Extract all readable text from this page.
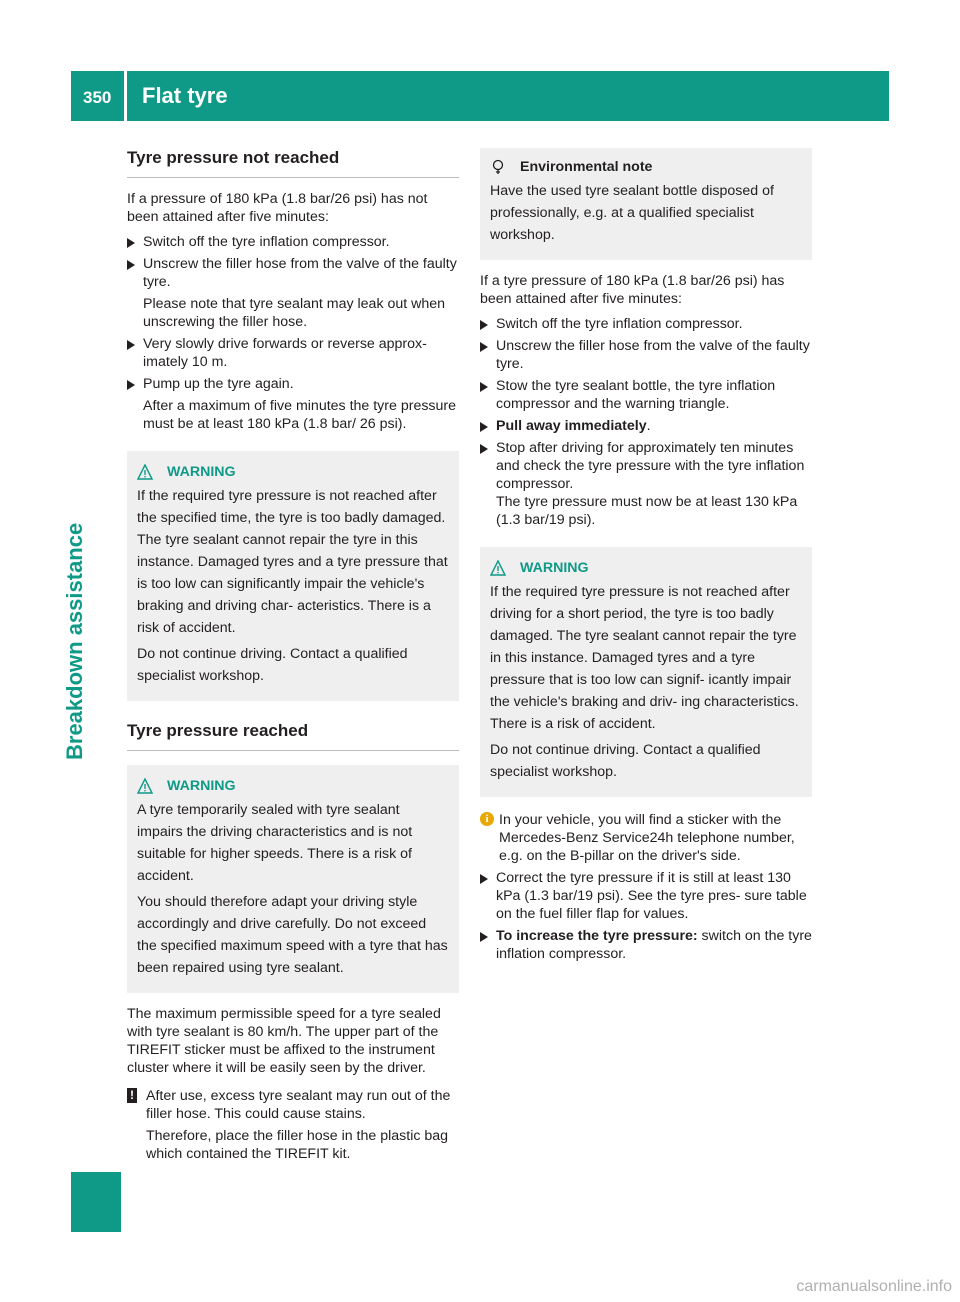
350 Flat tyre
Breakdown assistance
Tyre pressure not reached

If a pressure of 180 kPa (1.8 bar/26 psi) has not been attained after five minutes:

Switch off the tyre inflation compressor.
Unscrew the filler hose from the valve of the faulty tyre.
Please note that tyre sealant may leak out when unscrewing the filler hose.
Very slowly drive forwards or reverse approx- imately 10 m.
Pump up the tyre again.
After a maximum of five minutes the tyre pressure must be at least 180 kPa (1.8 bar/ 26 psi).
WARNING

If the required tyre pressure is not reached after the specified time, the tyre is too badly damaged. The tyre sealant cannot repair the tyre in this instance. Damaged tyres and a tyre pressure that is too low can significantly impair the vehicle's braking and driving char- acteristics. There is a risk of accident.

Do not continue driving. Contact a qualified specialist workshop.

Tyre pressure reached
WARNING

A tyre temporarily sealed with tyre sealant impairs the driving characteristics and is not suitable for higher speeds. There is a risk of accident.

You should therefore adapt your driving style accordingly and drive carefully. Do not exceed the specified maximum speed with a tyre that has been repaired using tyre sealant.

The maximum permissible speed for a tyre sealed with tyre sealant is 80 km/h. The upper part of the TIREFIT sticker must be affixed to the instrument cluster where it will be easily seen by the driver.

! After use, excess tyre sealant may run out of the filler hose. This could cause stains.
Therefore, place the filler hose in the plastic bag which contained the TIREFIT kit.
Environmental note

Have the used tyre sealant bottle disposed of professionally, e.g. at a qualified specialist workshop.

If a tyre pressure of 180 kPa (1.8 bar/26 psi) has been attained after five minutes:

Switch off the tyre inflation compressor.
Unscrew the filler hose from the valve of the faulty tyre.
Stow the tyre sealant bottle, the tyre inflation compressor and the warning triangle.
Pull away immediately.
Stop after driving for approximately ten minutes and check the tyre pressure with the tyre inflation compressor.
The tyre pressure must now be at least 130 kPa (1.3 bar/19 psi).
WARNING

If the required tyre pressure is not reached after driving for a short period, the tyre is too badly damaged. The tyre sealant cannot repair the tyre in this instance. Damaged tyres and a tyre pressure that is too low can signif- icantly impair the vehicle's braking and driv- ing characteristics. There is a risk of accident.

Do not continue driving. Contact a qualified specialist workshop.

i In your vehicle, you will find a sticker with the Mercedes-Benz Service24h telephone number, e.g. on the B-pillar on the driver's side.
Correct the tyre pressure if it is still at least 130 kPa (1.3 bar/19 psi). See the tyre pres- sure table on the fuel filler flap for values.
To increase the tyre pressure: switch on the tyre inflation compressor.
carmanualsonline.info
